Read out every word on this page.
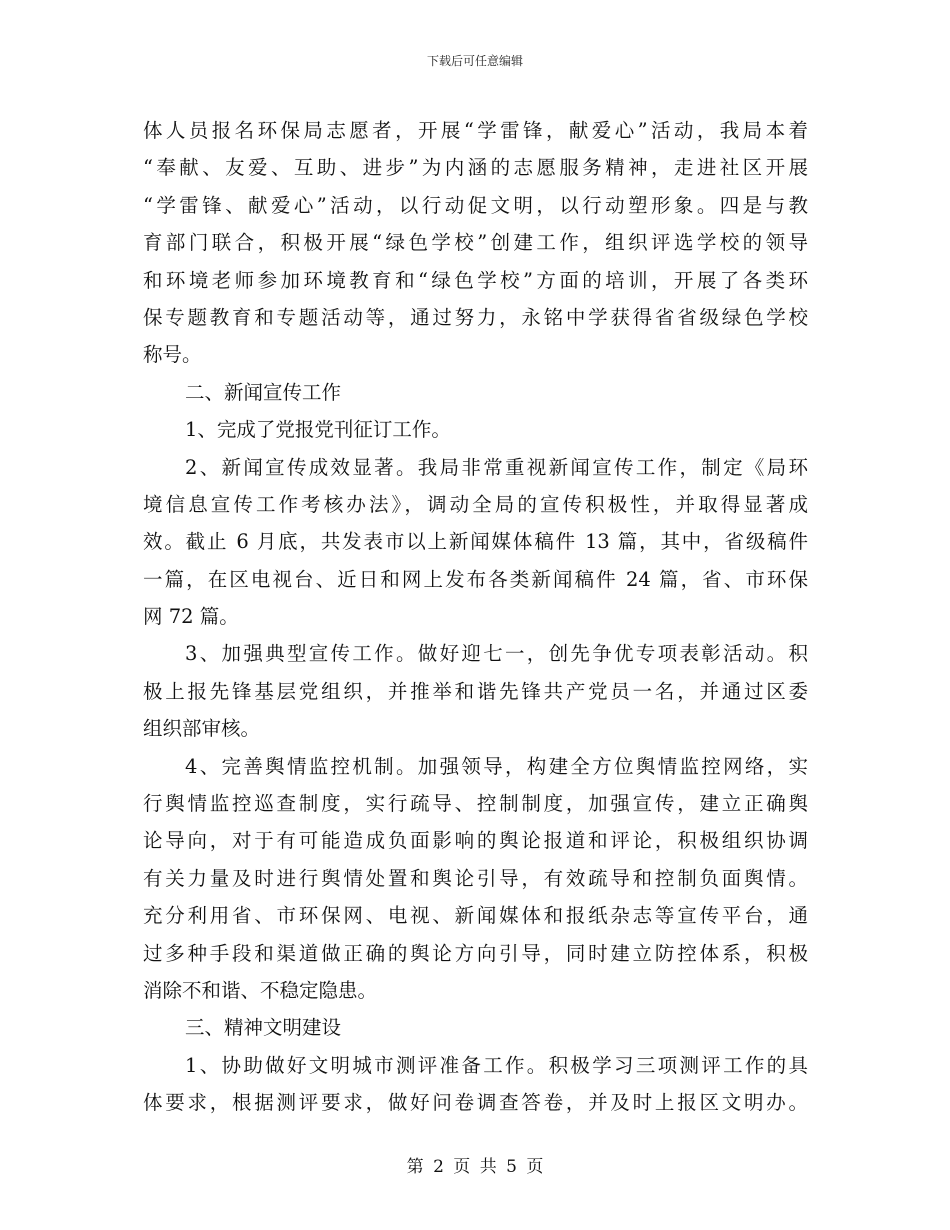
下载后可任意编辑
体人员报名环保局志愿者，开展“学雷锋，献爱心”活动，我局本着
“奉献、友爱、互助、进步”为内涵的志愿服务精神，走进社区开展
“学雷锋、献爱心”活动，以行动促文明，以行动塑形象。四是与教
育部门联合，积极开展“绿色学校”创建工作，组织评选学校的领导
和环境老师参加环境教育和“绿色学校”方面的培训，开展了各类环
保专题教育和专题活动等，通过努力，永铭中学获得省省级绿色学校
称号。
二、新闻宣传工作
1、完成了党报党刊征订工作。
2、新闻宣传成效显著。我局非常重视新闻宣传工作，制定《局环
境信息宣传工作考核办法》，调动全局的宣传积极性，并取得显著成
效。截止 6 月底，共发表市以上新闻媒体稿件 13 篇，其中，省级稿件
一篇，在区电视台、近日和网上发布各类新闻稿件 24 篇，省、市环保
网 72 篇。
3、加强典型宣传工作。做好迎七一，创先争优专项表彰活动。积
极上报先锋基层党组织，并推举和谐先锋共产党员一名，并通过区委
组织部审核。
4、完善舆情监控机制。加强领导，构建全方位舆情监控网络，实
行舆情监控巡查制度，实行疏导、控制制度，加强宣传，建立正确舆
论导向，对于有可能造成负面影响的舆论报道和评论，积极组织协调
有关力量及时进行舆情处置和舆论引导，有效疏导和控制负面舆情。
充分利用省、市环保网、电视、新闻媒体和报纸杂志等宣传平台，通
过多种手段和渠道做正确的舆论方向引导，同时建立防控体系，积极
消除不和谐、不稳定隐患。
三、精神文明建设
1、协助做好文明城市测评准备工作。积极学习三项测评工作的具
体要求，根据测评要求，做好问卷调查答卷，并及时上报区文明办。
第 2 页 共 5 页
